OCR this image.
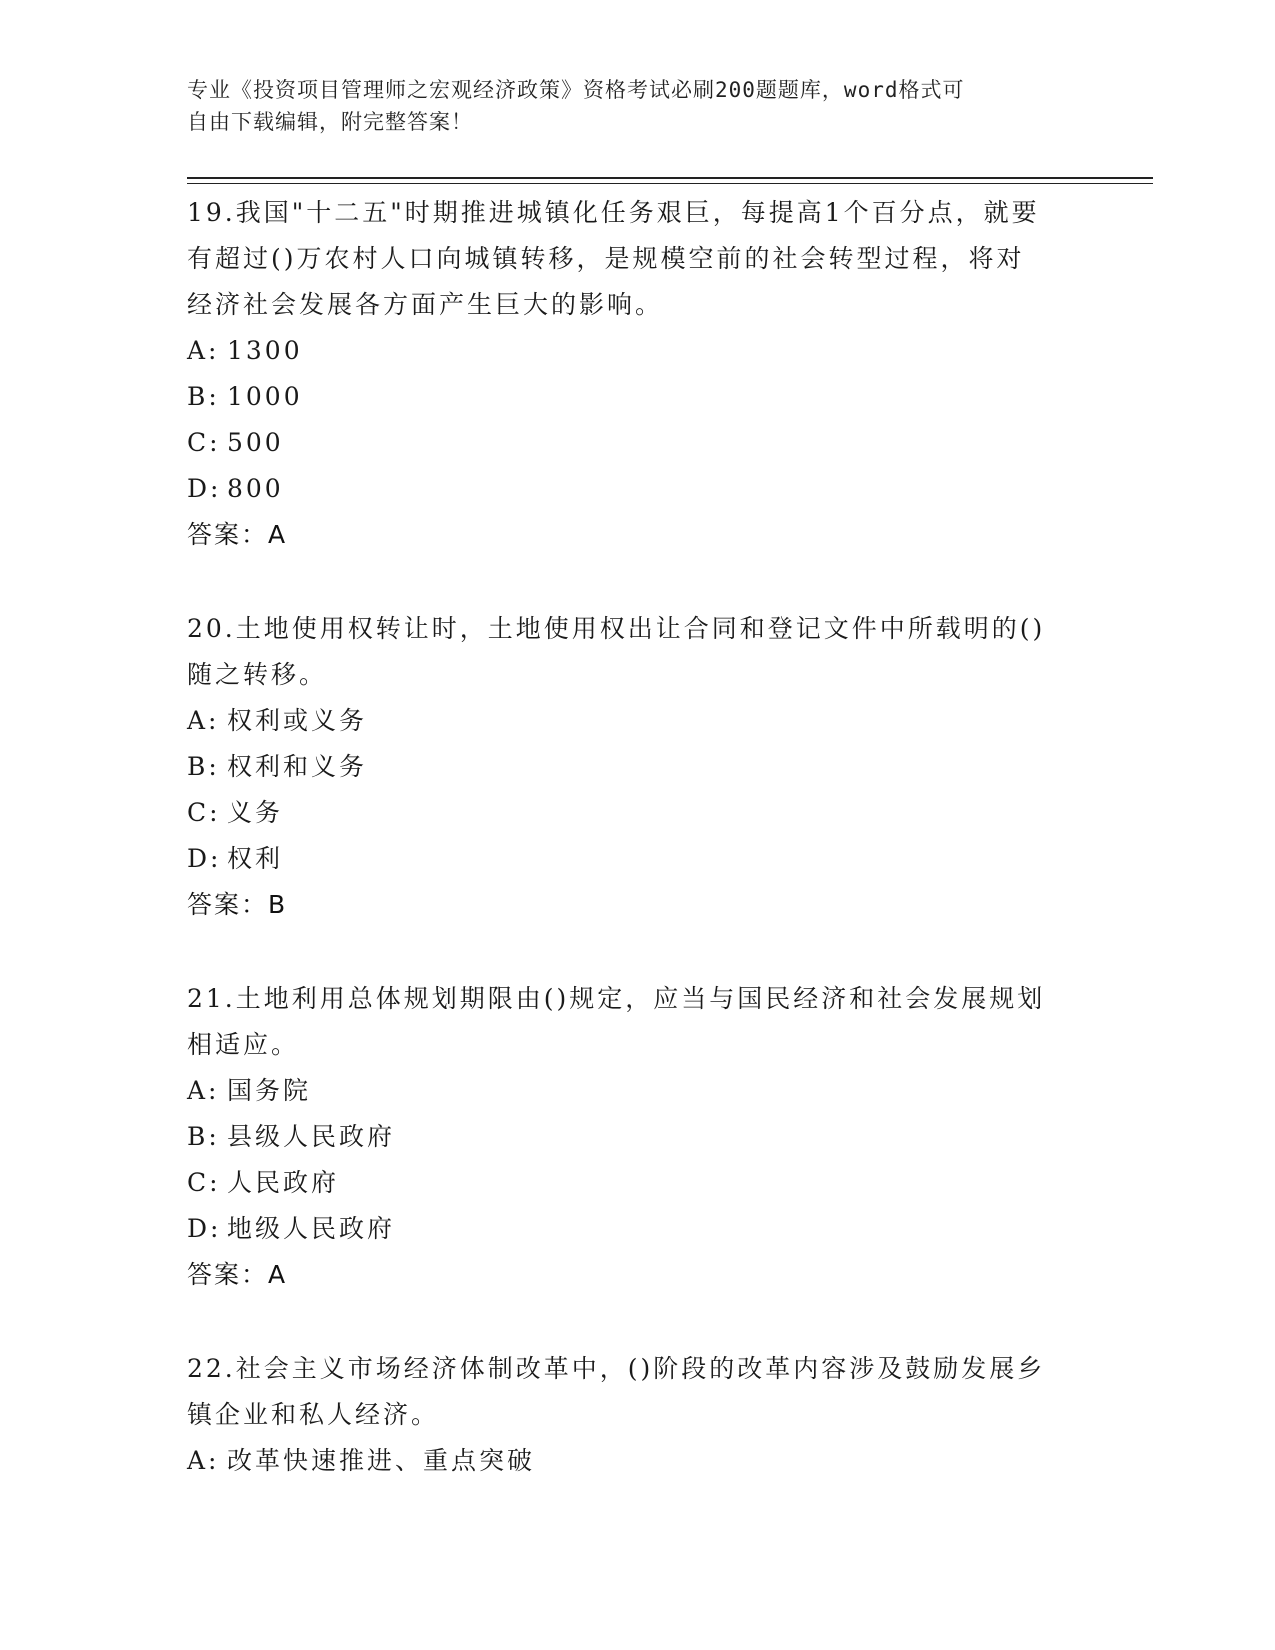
专业《投资项目管理师之宏观经济政策》资格考试必刷200题题库，word格式可
自由下载编辑，附完整答案！

19.我国"十二五"时期推进城镇化任务艰巨，每提高1个百分点，就要

有超过()万农村人口向城镇转移，是规模空前的社会转型过程，将对

经济社会发展各方面产生巨大的影响。

A: 1300

B: 1000

C: 500

D: 800

答案：A

20.土地使用权转让时，土地使用权出让合同和登记文件中所载明的()

随之转移。

A: 权利或义务

B: 权利和义务

C: 义务

D: 权利

答案：B

21.土地利用总体规划期限由()规定，应当与国民经济和社会发展规划

相适应。

A: 国务院

B: 县级人民政府

C: 人民政府

D: 地级人民政府

答案：A

22.社会主义市场经济体制改革中，()阶段的改革内容涉及鼓励发展乡

镇企业和私人经济。

A: 改革快速推进、重点突破
